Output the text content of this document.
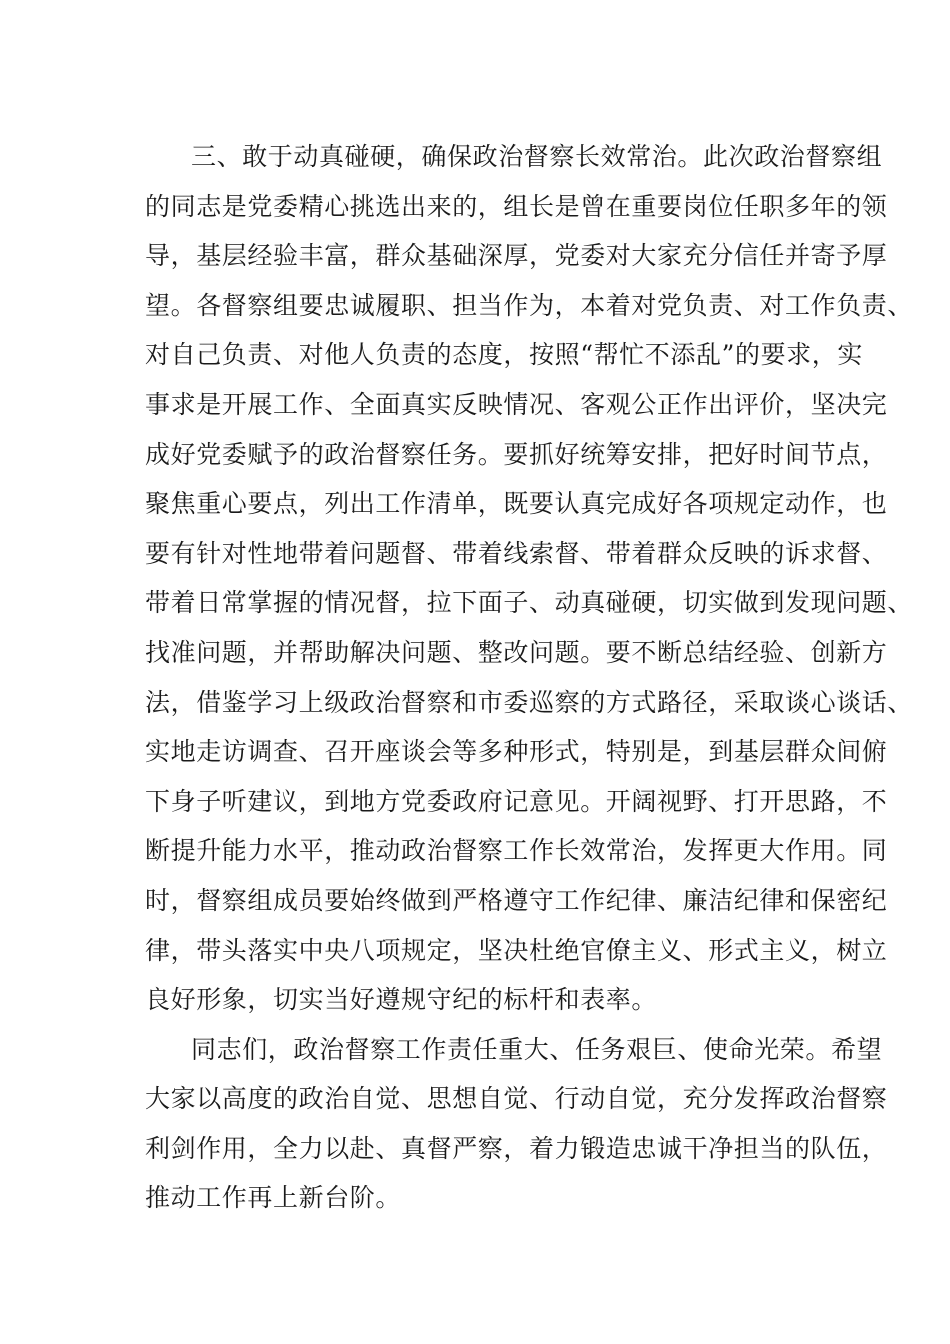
三、敢于动真碰硬，确保政治督察长效常治。此次政治督察组
的同志是党委精心挑选出来的，组长是曾在重要岗位任职多年的领
导，基层经验丰富，群众基础深厚，党委对大家充分信任并寄予厚
望。各督察组要忠诚履职、担当作为，本着对党负责、对工作负责、
对自己负责、对他人负责的态度，按照“帮忙不添乱”的要求，实
事求是开展工作、全面真实反映情况、客观公正作出评价，坚决完
成好党委赋予的政治督察任务。要抓好统筹安排，把好时间节点，
聚焦重心要点，列出工作清单，既要认真完成好各项规定动作，也
要有针对性地带着问题督、带着线索督、带着群众反映的诉求督、
带着日常掌握的情况督，拉下面子、动真碰硬，切实做到发现问题、
找准问题，并帮助解决问题、整改问题。要不断总结经验、创新方
法，借鉴学习上级政治督察和市委巡察的方式路径，采取谈心谈话、
实地走访调查、召开座谈会等多种形式，特别是，到基层群众间俯
下身子听建议，到地方党委政府记意见。开阔视野、打开思路，不
断提升能力水平，推动政治督察工作长效常治，发挥更大作用。同
时，督察组成员要始终做到严格遵守工作纪律、廉洁纪律和保密纪
律，带头落实中央八项规定，坚决杜绝官僚主义、形式主义，树立
良好形象，切实当好遵规守纪的标杆和表率。
同志们，政治督察工作责任重大、任务艰巨、使命光荣。希望
大家以高度的政治自觉、思想自觉、行动自觉，充分发挥政治督察
利剑作用，全力以赴、真督严察，着力锻造忠诚干净担当的队伍，
推动工作再上新台阶。
